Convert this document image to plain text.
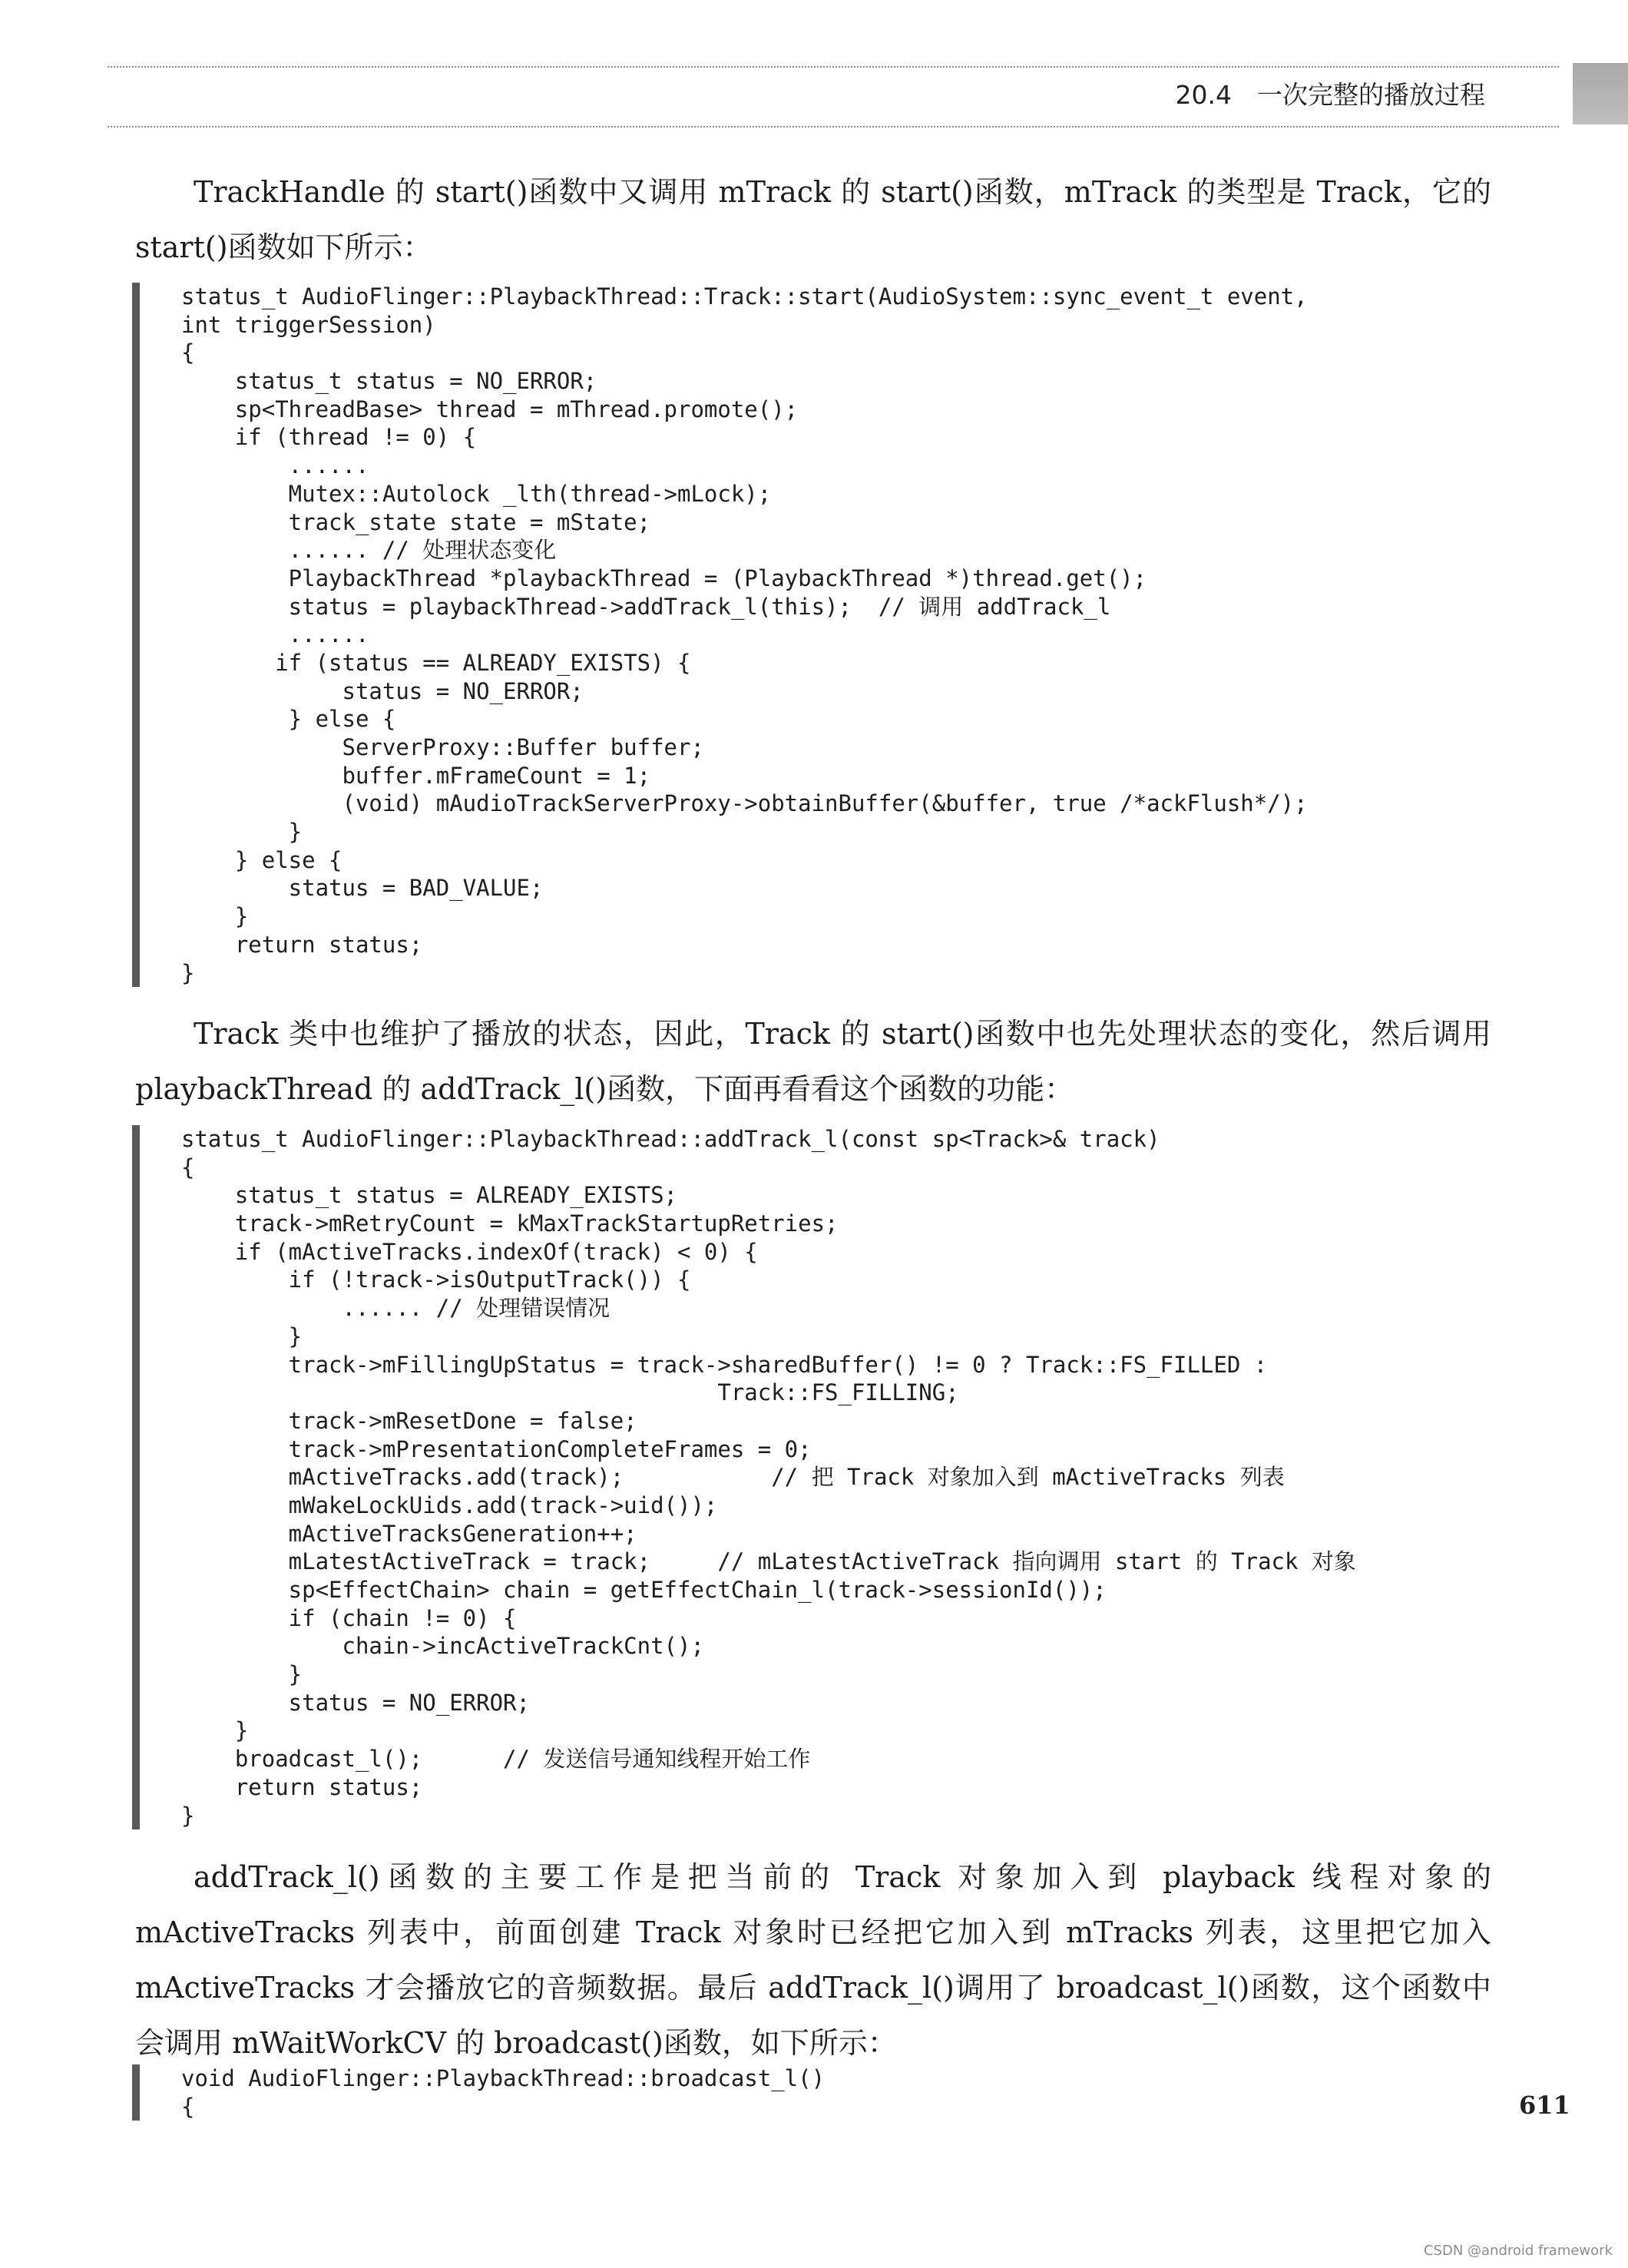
20.4　一次完整的播放过程

TrackHandle 的 start()函数中又调用 mTrack 的 start()函数，mTrack 的类型是 Track，它的 start()函数如下所示：

status_t AudioFlinger::PlaybackThread::Track::start(AudioSystem::sync_event_t event,
int triggerSession)
{
status_t status = NO_ERROR;
sp<ThreadBase> thread = mThread.promote();
if (thread != 0) {
......
Mutex::Autolock _lth(thread->mLock);
track_state state = mState;
...... // 处理状态变化
PlaybackThread *playbackThread = (PlaybackThread *)thread.get();
status = playbackThread->addTrack_l(this);  // 调用 addTrack_l
......
if (status == ALREADY_EXISTS) {
status = NO_ERROR;
} else {
ServerProxy::Buffer buffer;
buffer.mFrameCount = 1;
(void) mAudioTrackServerProxy->obtainBuffer(&buffer, true /*ackFlush*/);
}
} else {
status = BAD_VALUE;
}
return status;
}

Track 类中也维护了播放的状态，因此，Track 的 start()函数中也先处理状态的变化，然后调用 playbackThread 的 addTrack_l()函数，下面再看看这个函数的功能：

status_t AudioFlinger::PlaybackThread::addTrack_l(const sp<Track>& track)
{
status_t status = ALREADY_EXISTS;
track->mRetryCount = kMaxTrackStartupRetries;
if (mActiveTracks.indexOf(track) < 0) {
if (!track->isOutputTrack()) {
...... // 处理错误情况
}
track->mFillingUpStatus = track->sharedBuffer() != 0 ? Track::FS_FILLED :
Track::FS_FILLING;
track->mResetDone = false;
track->mPresentationCompleteFrames = 0;
mActiveTracks.add(track);           // 把 Track 对象加入到 mActiveTracks 列表
mWakeLockUids.add(track->uid());
mActiveTracksGeneration++;
mLatestActiveTrack = track;     // mLatestActiveTrack 指向调用 start 的 Track 对象
sp<EffectChain> chain = getEffectChain_l(track->sessionId());
if (chain != 0) {
chain->incActiveTrackCnt();
}
status = NO_ERROR;
}
broadcast_l();      // 发送信号通知线程开始工作
return status;
}

addTrack_l()函数的主要工作是把当前的 Track 对象加入到 playback 线程对象的 mActiveTracks 列表中，前面创建 Track 对象时已经把它加入到 mTracks 列表，这里把它加入 mActiveTracks 才会播放它的音频数据。最后 addTrack_l()调用了 broadcast_l()函数，这个函数中会调用 mWaitWorkCV 的 broadcast()函数，如下所示：

void AudioFlinger::PlaybackThread::broadcast_l()
{	611
CSDN @android framework
